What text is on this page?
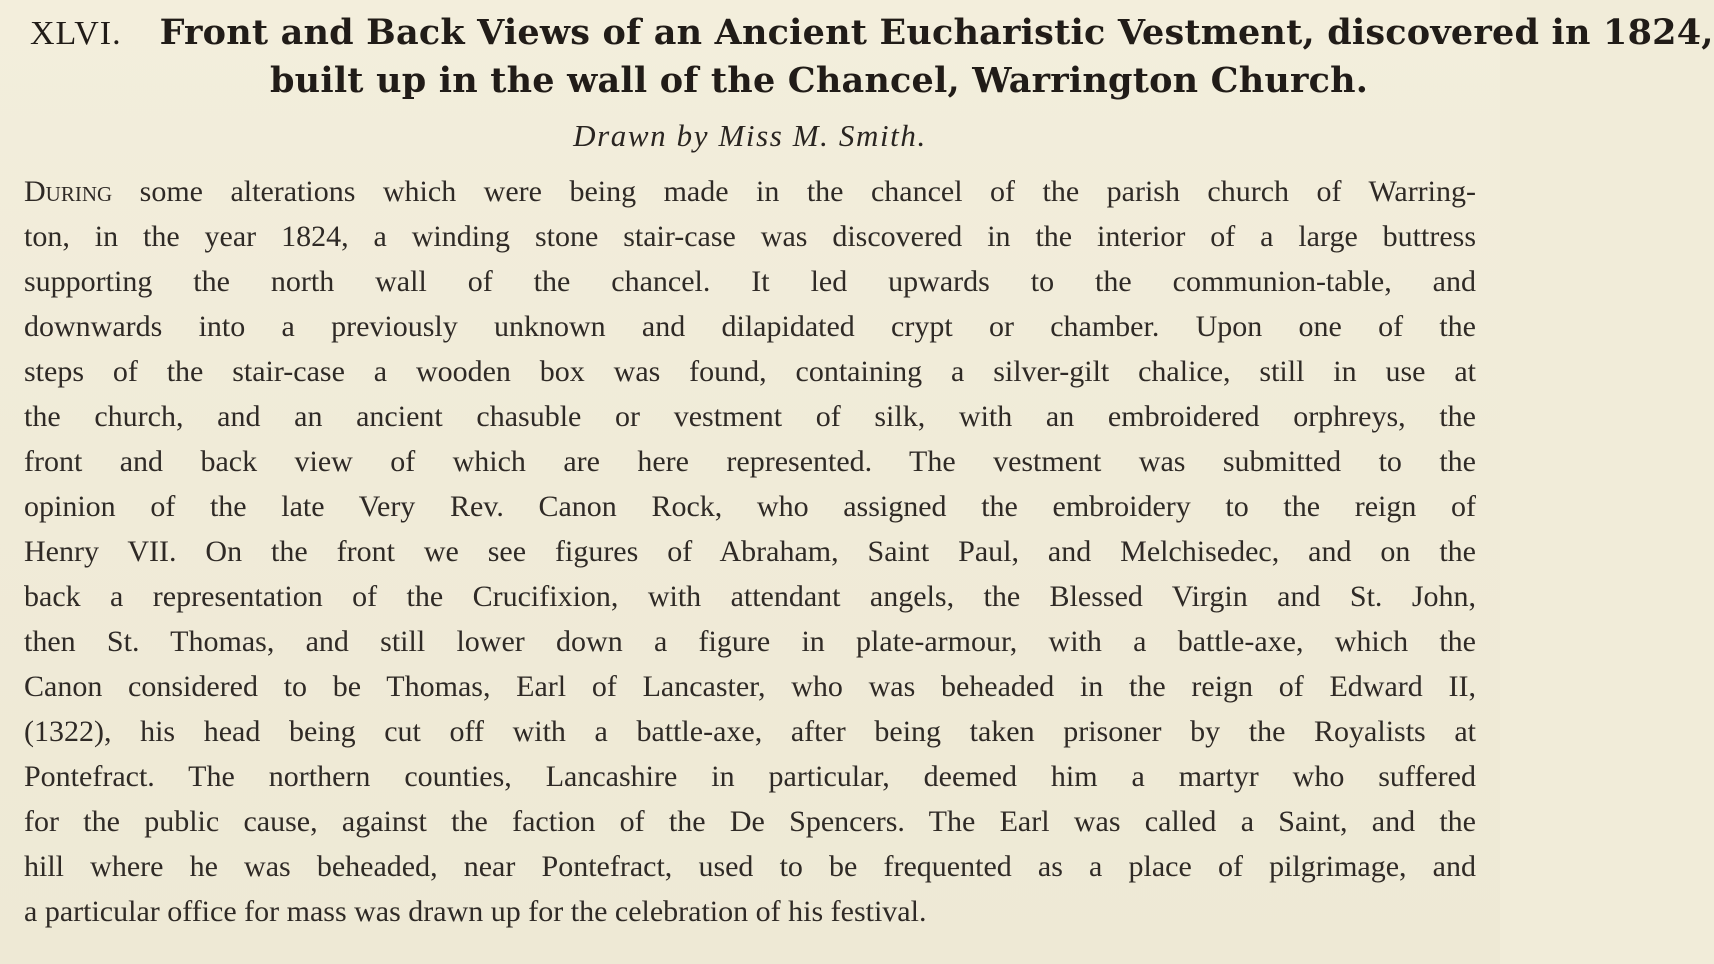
XLVI. Front and Back Views of an Ancient Eucharistic Vestment, discovered in 1824,
built up in the wall of the Chancel, Warrington Church.
Drawn by Miss M. Smith.
During some alterations which were being made in the chancel of the parish church of Warring-
ton, in the year 1824, a winding stone stair-case was discovered in the interior of a large buttress
supporting the north wall of the chancel. It led upwards to the communion-table, and
downwards into a previously unknown and dilapidated crypt or chamber. Upon one of the
steps of the stair-case a wooden box was found, containing a silver-gilt chalice, still in use at
the church, and an ancient chasuble or vestment of silk, with an embroidered orphreys, the
front and back view of which are here represented. The vestment was submitted to the
opinion of the late Very Rev. Canon Rock, who assigned the embroidery to the reign of
Henry VII. On the front we see figures of Abraham, Saint Paul, and Melchisedec, and on the
back a representation of the Crucifixion, with attendant angels, the Blessed Virgin and St. John,
then St. Thomas, and still lower down a figure in plate-armour, with a battle-axe, which the
Canon considered to be Thomas, Earl of Lancaster, who was beheaded in the reign of Edward II,
(1322), his head being cut off with a battle-axe, after being taken prisoner by the Royalists at
Pontefract. The northern counties, Lancashire in particular, deemed him a martyr who suffered
for the public cause, against the faction of the De Spencers. The Earl was called a Saint, and the
hill where he was beheaded, near Pontefract, used to be frequented as a place of pilgrimage, and
a particular office for mass was drawn up for the celebration of his festival.
